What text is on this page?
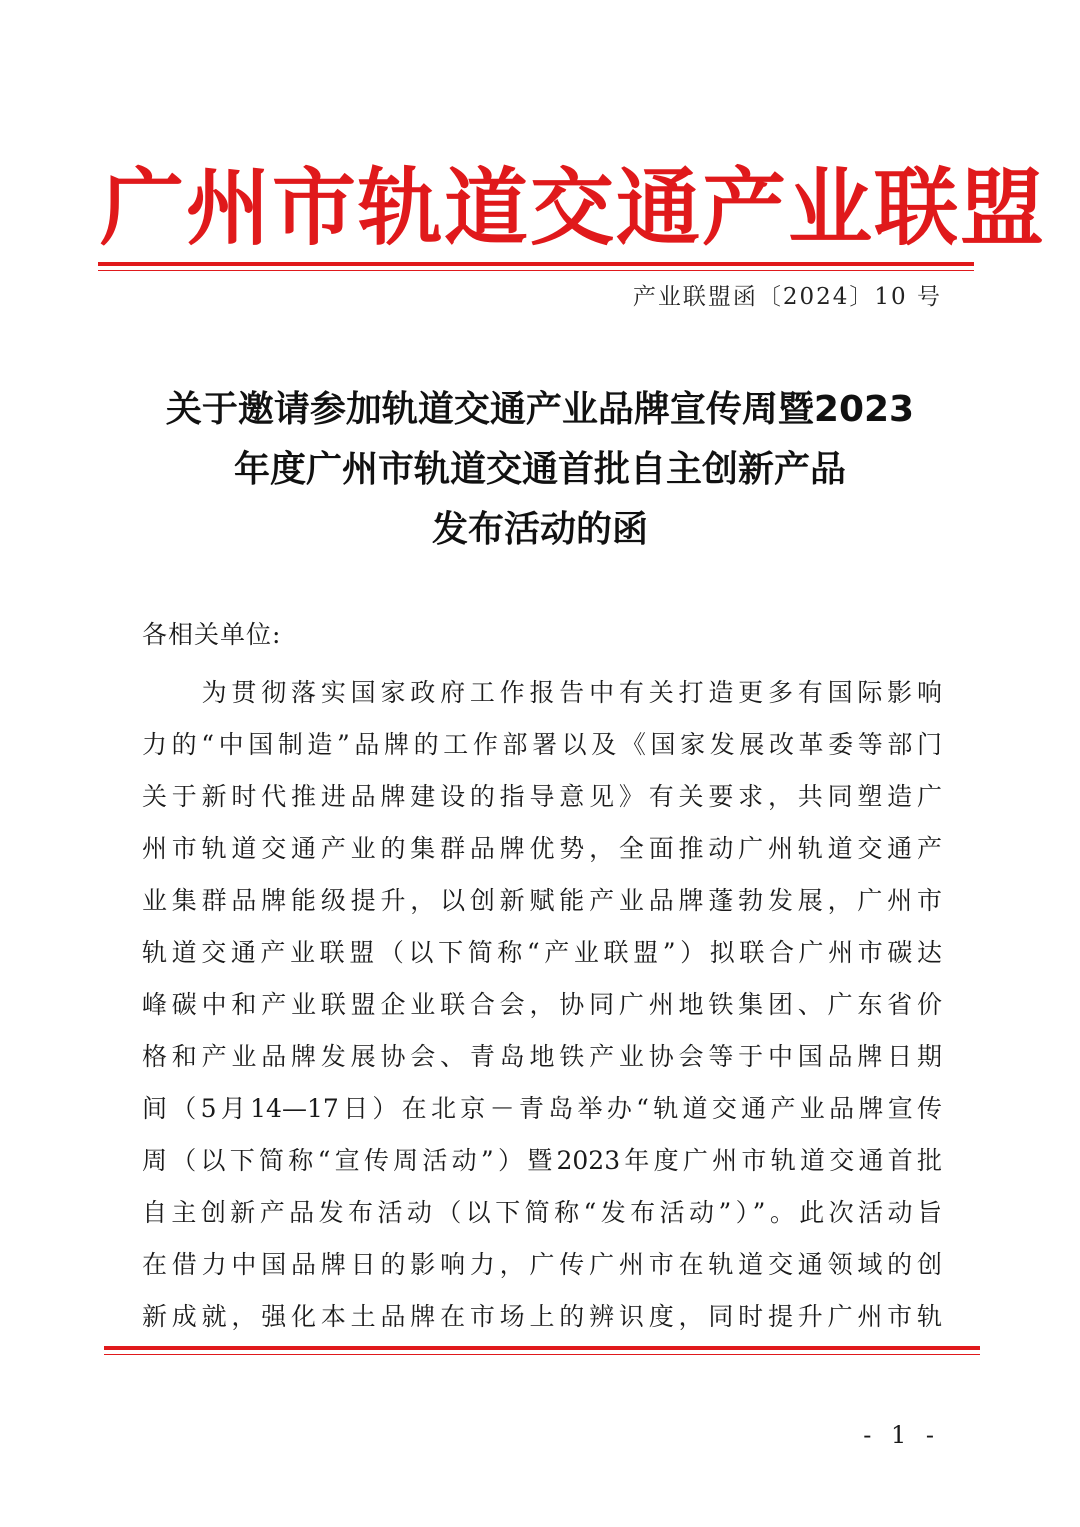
广州市轨道交通产业联盟
产业联盟函〔2024〕10 号
关于邀请参加轨道交通产业品牌宣传周暨2023
年度广州市轨道交通首批自主创新产品
发布活动的函
各相关单位:
　　为贯彻落实国家政府工作报告中有关打造更多有国际影响
力的“中国制造”品牌的工作部署以及《国家发展改革委等部门
关于新时代推进品牌建设的指导意见》有关要求，共同塑造广
州市轨道交通产业的集群品牌优势，全面推动广州轨道交通产
业集群品牌能级提升，以创新赋能产业品牌蓬勃发展，广州市
轨道交通产业联盟（以下简称“产业联盟”）拟联合广州市碳达
峰碳中和产业联盟企业联合会，协同广州地铁集团、广东省价
格和产业品牌发展协会、青岛地铁产业协会等于中国品牌日期
间（5月14—17日）在北京－青岛举办“轨道交通产业品牌宣传
周（以下简称“宣传周活动”）暨2023年度广州市轨道交通首批
自主创新产品发布活动（以下简称“发布活动”）”。此次活动旨
在借力中国品牌日的影响力，广传广州市在轨道交通领域的创
新成就，强化本土品牌在市场上的辨识度，同时提升广州市轨
- 1 -
